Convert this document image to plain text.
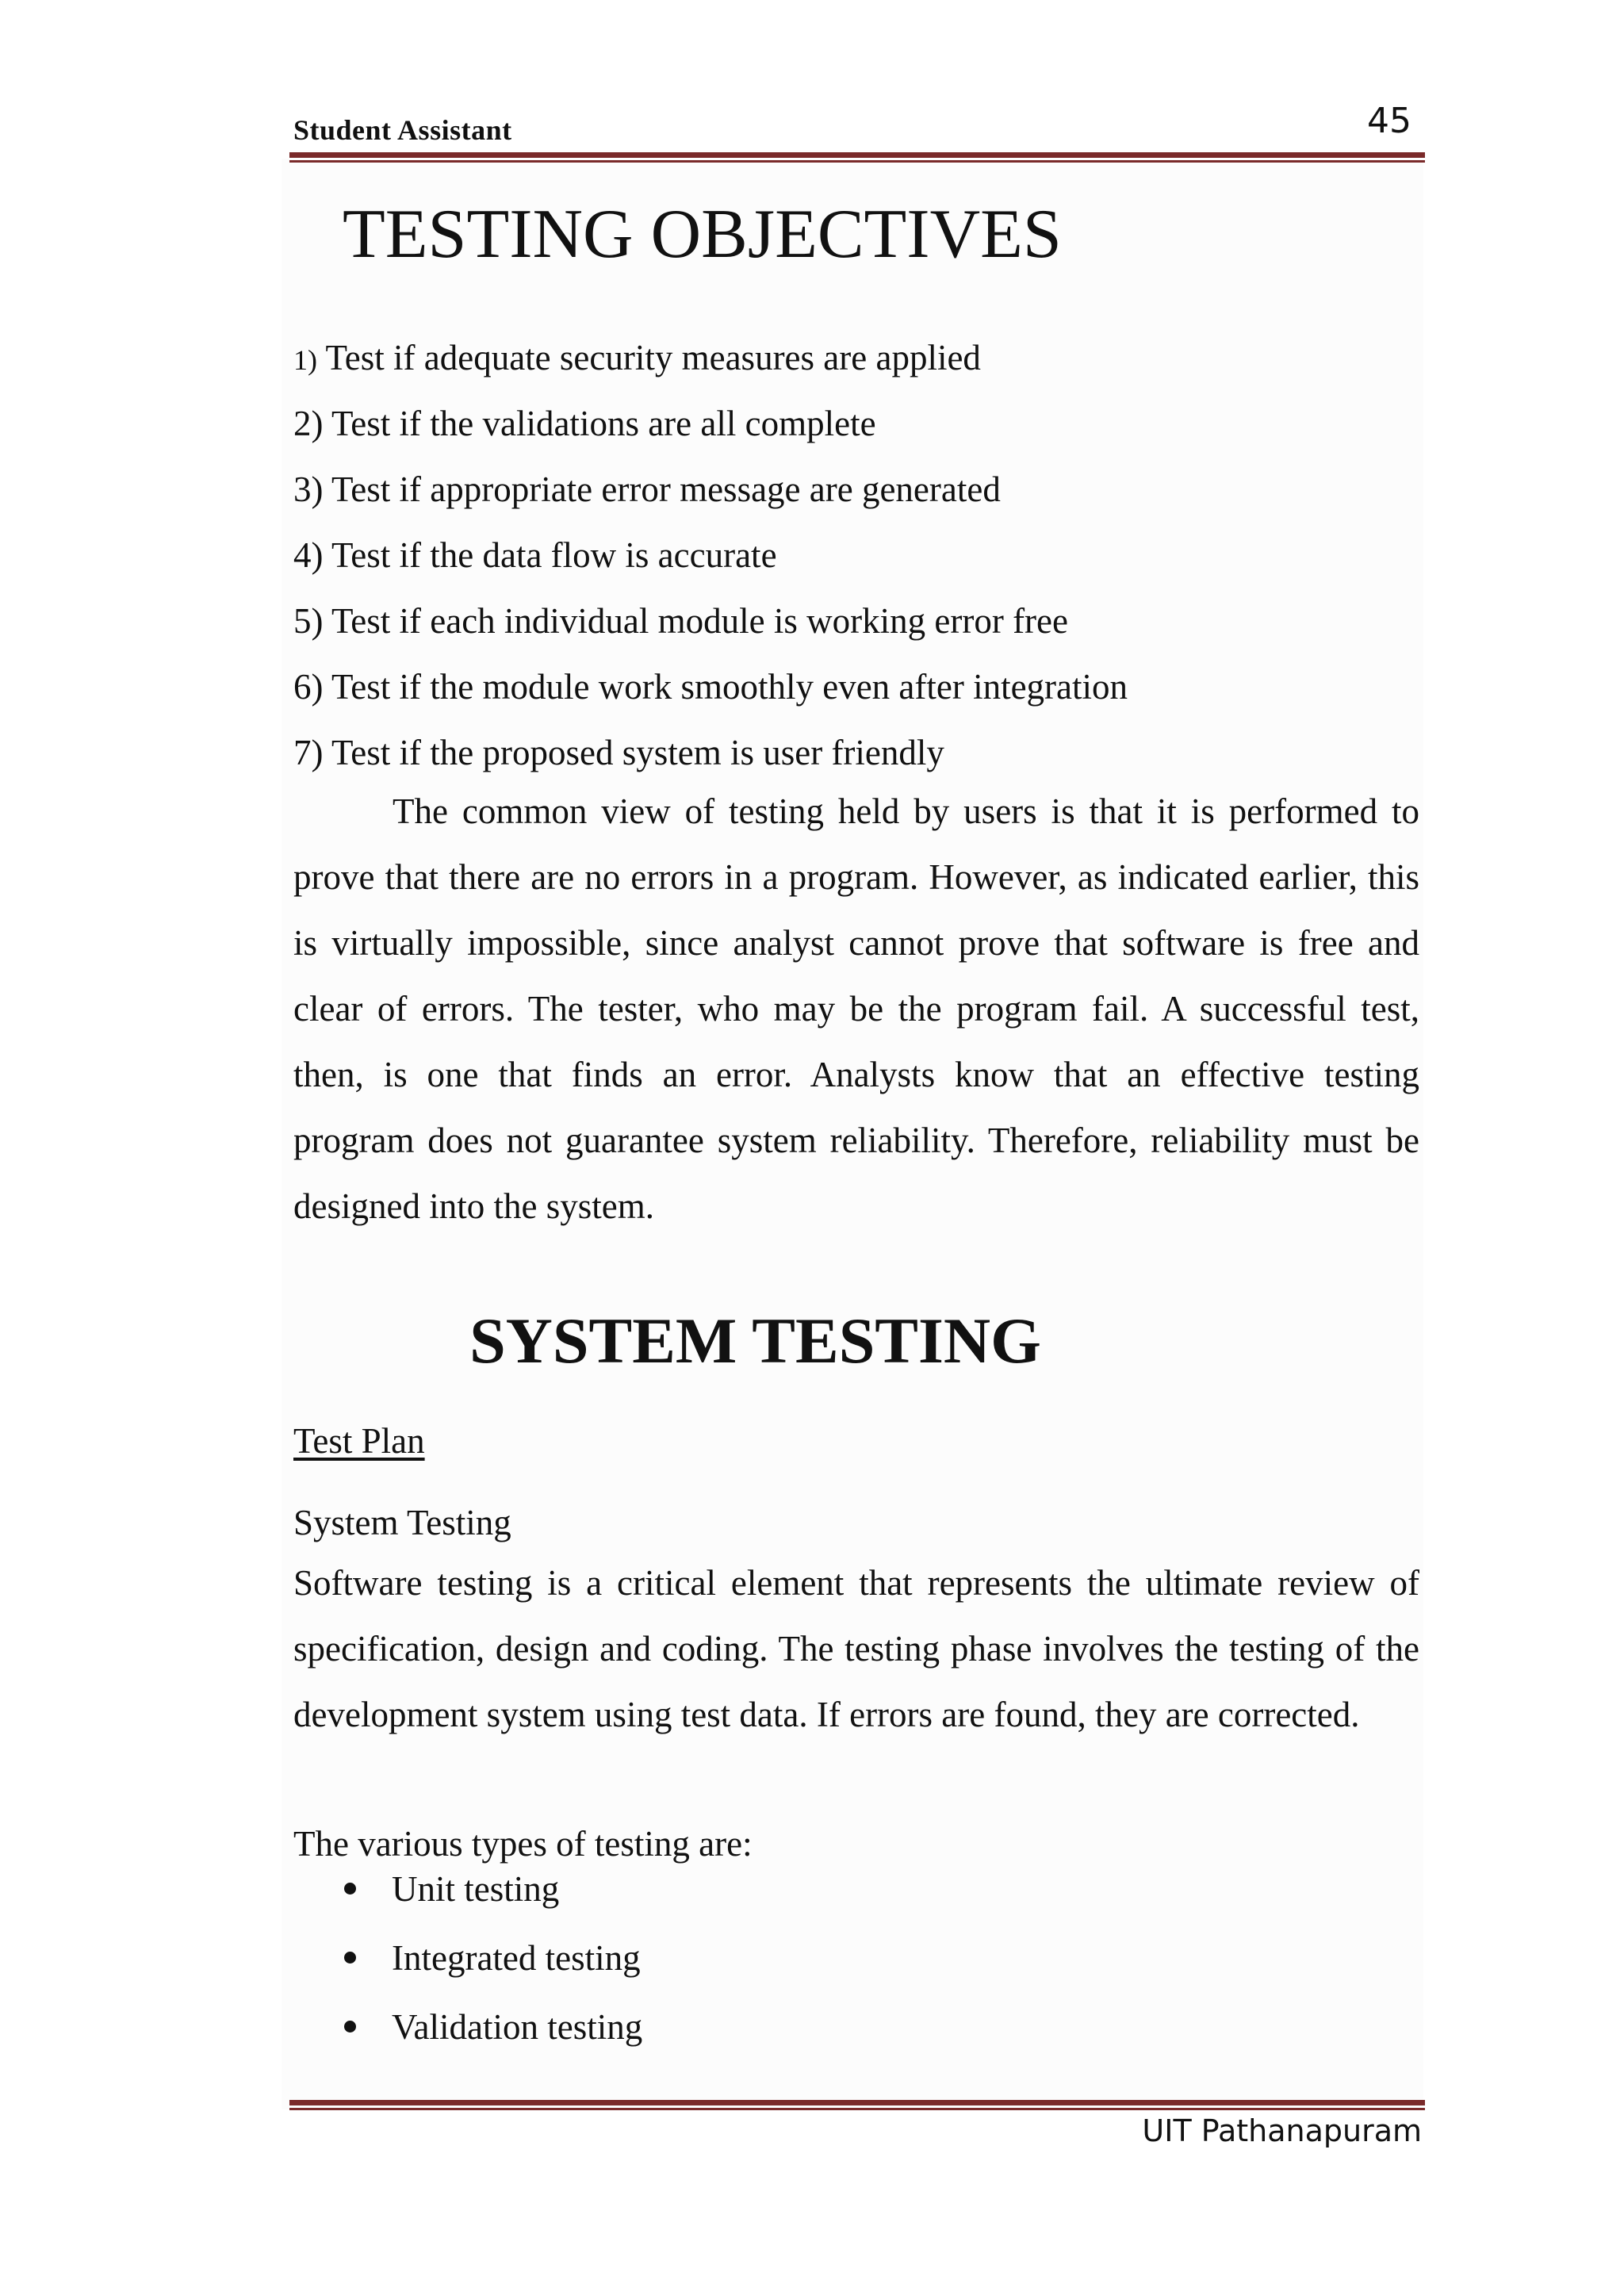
Student Assistant	45
TESTING OBJECTIVES
1) Test if adequate security measures are applied
2) Test if the validations are all complete
3) Test if appropriate error message are generated
4) Test if the data flow is accurate
5) Test if each individual module is working error free
6) Test if the module work smoothly even after integration
7) Test if the proposed system is user friendly

The common view of testing held by users is that it is performed to prove that there are no errors in a program. However, as indicated earlier, this is virtually impossible, since analyst cannot prove that software is free and clear of errors. The tester, who may be the program fail. A successful test, then, is one that finds an error. Analysts know that an effective testing program does not guarantee system reliability. Therefore, reliability must be designed into the system.

SYSTEM TESTING
Test Plan
System Testing

Software testing is a critical element that represents the ultimate review of specification, design and coding. The testing phase involves the testing of the development system using test data. If errors are found, they are corrected.

The various types of testing are:
Unit testing
Integrated testing
Validation testing
UIT Pathanapuram
